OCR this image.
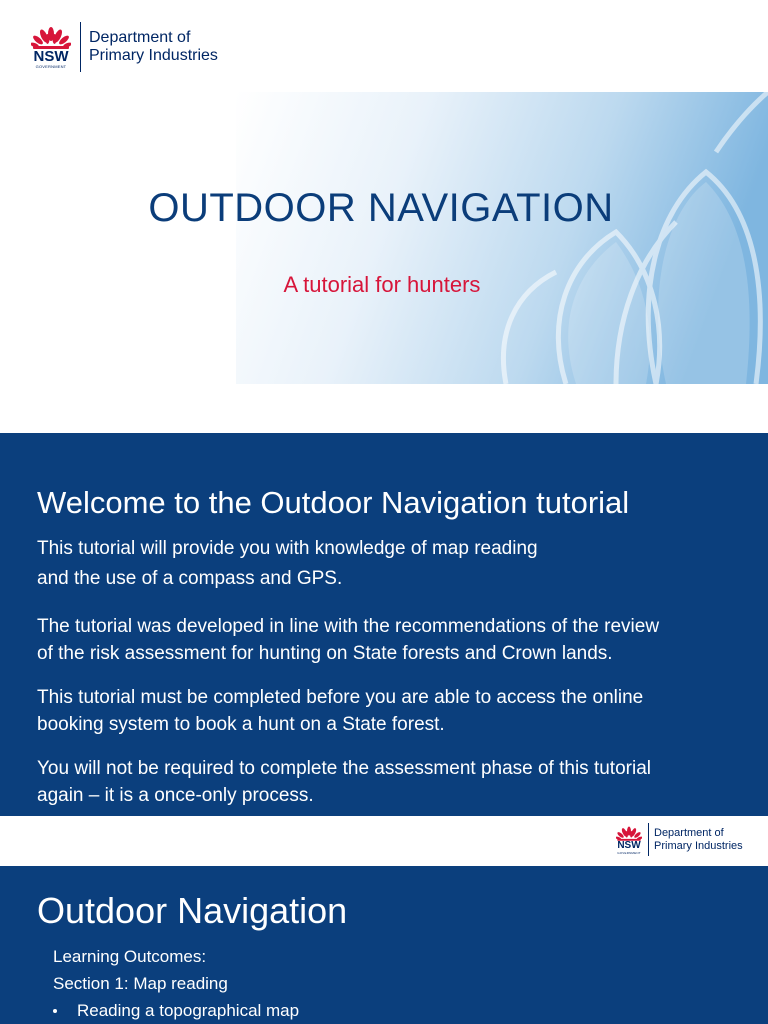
NSW
GOVERNMENT
Department of
Primary Industries
OUTDOOR NAVIGATION
A tutorial for hunters
Welcome to the Outdoor Navigation tutorial

This tutorial will provide you with knowledge of map reading
and the use of a compass and GPS.

The tutorial was developed in line with the recommendations of the review
of the risk assessment for hunting on State forests and Crown lands.

This tutorial must be completed before you are able to access the online
booking system to book a hunt on a State forest.

You will not be required to complete the assessment phase of this tutorial
again – it is a once-only process.

NSW
GOVERNMENT
Department of
Primary Industries
Outdoor Navigation

Learning Outcomes:

Section 1: Map reading

Reading a topographical map
